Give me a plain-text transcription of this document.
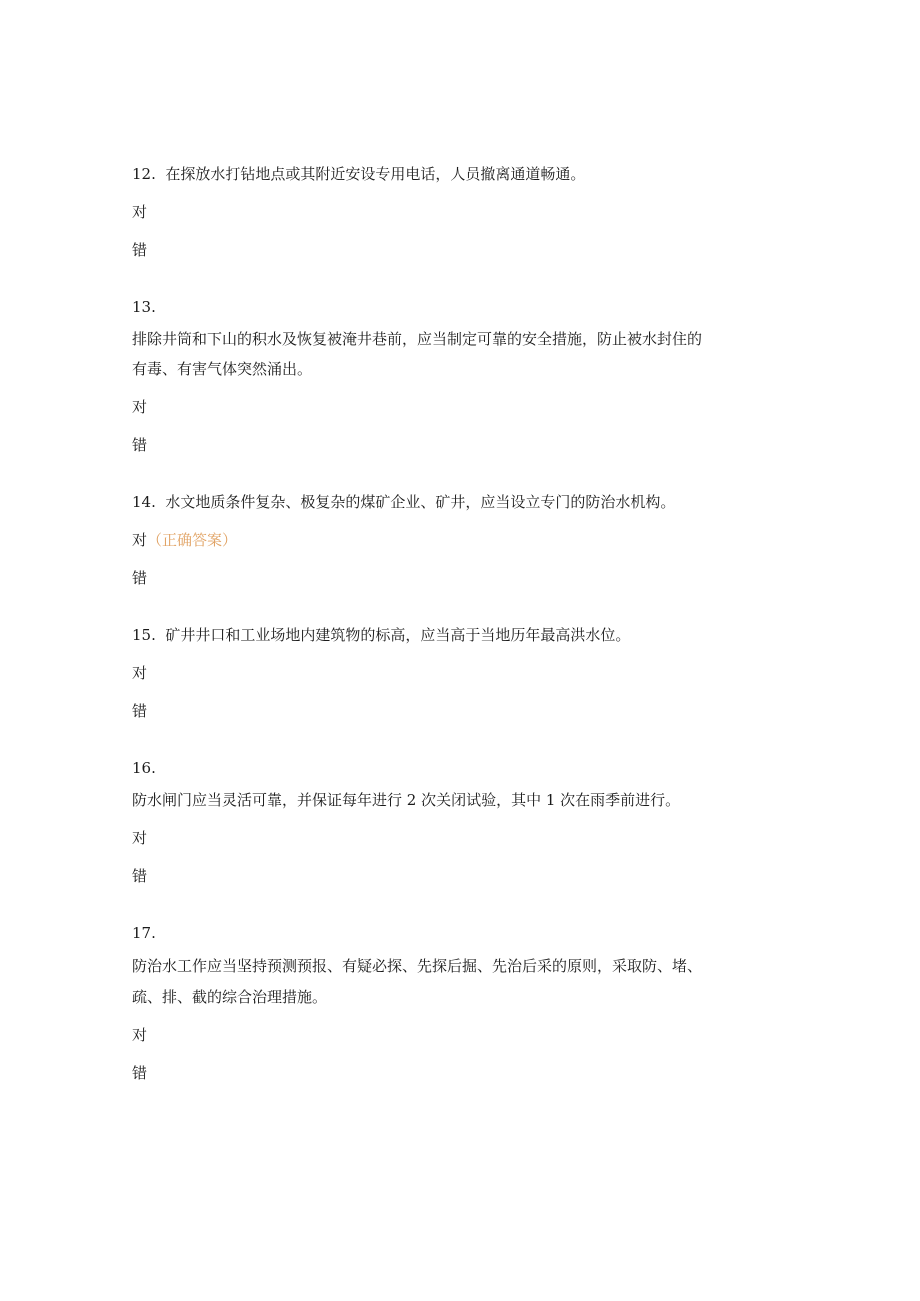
12. 在探放水打钻地点或其附近安设专用电话，人员撤离通道畅通。
对
错
13.
排除井筒和下山的积水及恢复被淹井巷前，应当制定可靠的安全措施，防止被水封住的
有毒、有害气体突然涌出。
对
错
14. 水文地质条件复杂、极复杂的煤矿企业、矿井，应当设立专门的防治水机构。
对（正确答案）
错
15. 矿井井口和工业场地内建筑物的标高，应当高于当地历年最高洪水位。
对
错
16.
防水闸门应当灵活可靠，并保证每年进行 2 次关闭试验，其中 1 次在雨季前进行。
对
错
17.
防治水工作应当坚持预测预报、有疑必探、先探后掘、先治后采的原则，采取防、堵、
疏、排、截的综合治理措施。
对
错
